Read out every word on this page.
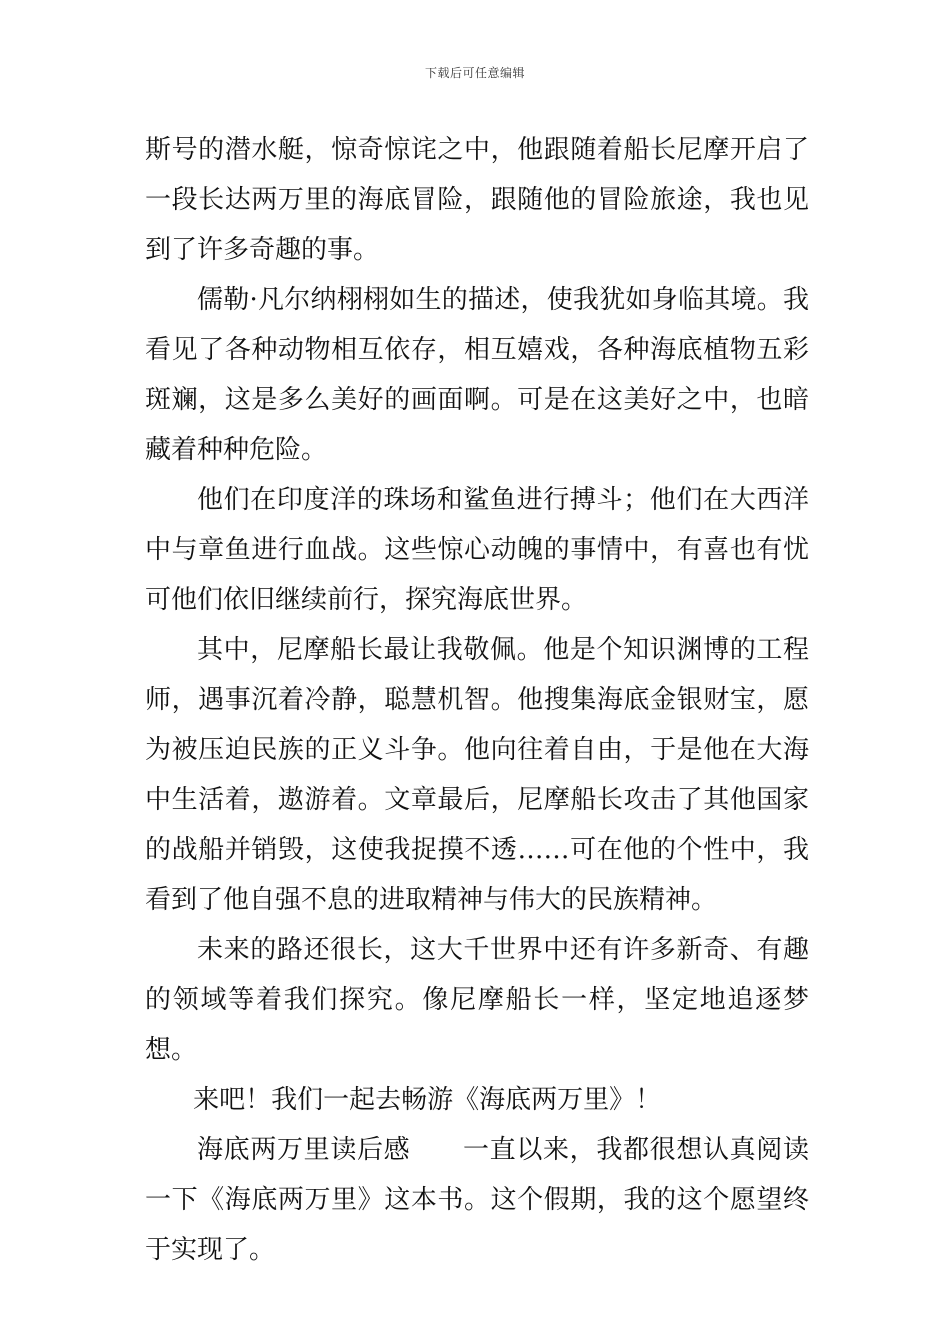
下载后可任意编辑

斯号的潜水艇，惊奇惊诧之中，他跟随着船长尼摩开启了一段长达两万里的海底冒险，跟随他的冒险旅途，我也见到了许多奇趣的事。

儒勒·凡尔纳栩栩如生的描述，使我犹如身临其境。我看见了各种动物相互依存，相互嬉戏，各种海底植物五彩斑斓，这是多么美好的画面啊。可是在这美好之中，也暗藏着种种危险。

他们在印度洋的珠场和鲨鱼进行搏斗；他们在大西洋中与章鱼进行血战。这些惊心动魄的事情中，有喜也有忧可他们依旧继续前行，探究海底世界。

其中，尼摩船长最让我敬佩。他是个知识渊博的工程师，遇事沉着冷静，聪慧机智。他搜集海底金银财宝，愿为被压迫民族的正义斗争。他向往着自由，于是他在大海中生活着，遨游着。文章最后，尼摩船长攻击了其他国家的战船并销毁，这使我捉摸不透……可在他的个性中，我看到了他自强不息的进取精神与伟大的民族精神。

未来的路还很长，这大千世界中还有许多新奇、有趣的领域等着我们探究。像尼摩船长一样，坚定地追逐梦想。

来吧！我们一起去畅游《海底两万里》！

海底两万里读后感 一直以来，我都很想认真阅读一下《海底两万里》这本书。这个假期，我的这个愿望终于实现了。
